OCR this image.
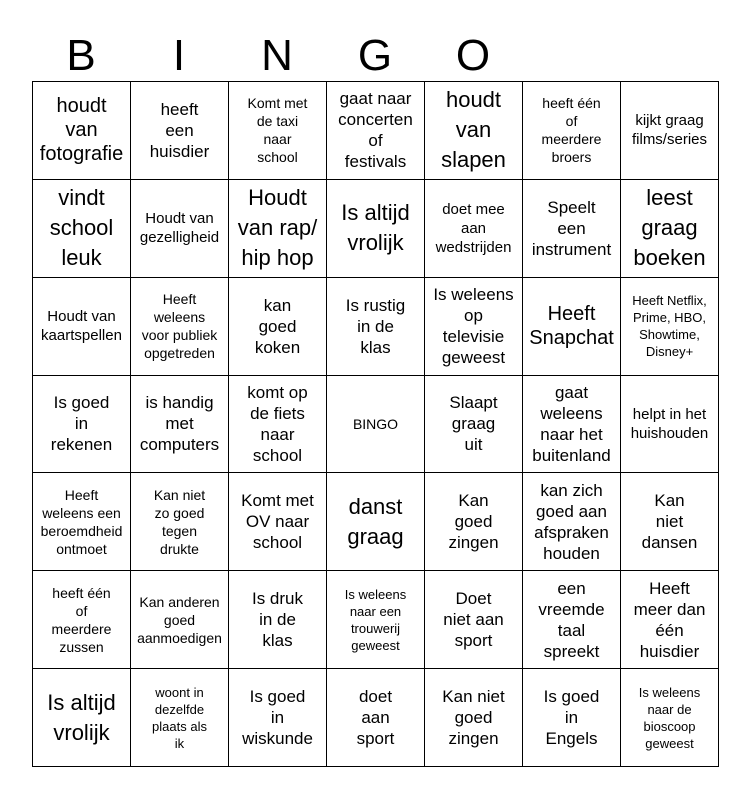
B	I	N	G	O
houdt
van
fotografie	heeft
een
huisdier	Komt met
de taxi
naar
school	gaat naar
concerten
of
festivals	houdt
van
slapen	heeft één
of
meerdere
broers	kijkt graag
films/series

vindt
school
leuk	Houdt van
gezelligheid	Houdt
van rap/
hip hop	Is altijd
vrolijk	doet mee
aan
wedstrijden	Speelt
een
instrument	leest
graag
boeken

Houdt van
kaartspellen	Heeft
weleens
voor publiek
opgetreden	kan
goed
koken	Is rustig
in de
klas	Is weleens
op
televisie
geweest	Heeft
Snapchat	Heeft Netflix,
Prime, HBO,
Showtime,
Disney+

Is goed
in
rekenen	is handig
met
computers	komt op
de fiets
naar
school	BINGO	Slaapt
graag
uit	gaat
weleens
naar het
buitenland	helpt in het
huishouden

Heeft
weleens een
beroemdheid
ontmoet	Kan niet
zo goed
tegen
drukte	Komt met
OV naar
school	danst
graag	Kan
goed
zingen	kan zich
goed aan
afspraken
houden	Kan
niet
dansen

heeft één
of
meerdere
zussen	Kan anderen
goed
aanmoedigen	Is druk
in de
klas	Is weleens
naar een
trouwerij
geweest	Doet
niet aan
sport	een
vreemde
taal
spreekt	Heeft
meer dan
één
huisdier

Is altijd
vrolijk	woont in
dezelfde
plaats als
ik	Is goed
in
wiskunde	doet
aan
sport	Kan niet
goed
zingen	Is goed
in
Engels	Is weleens
naar de
bioscoop
geweest
